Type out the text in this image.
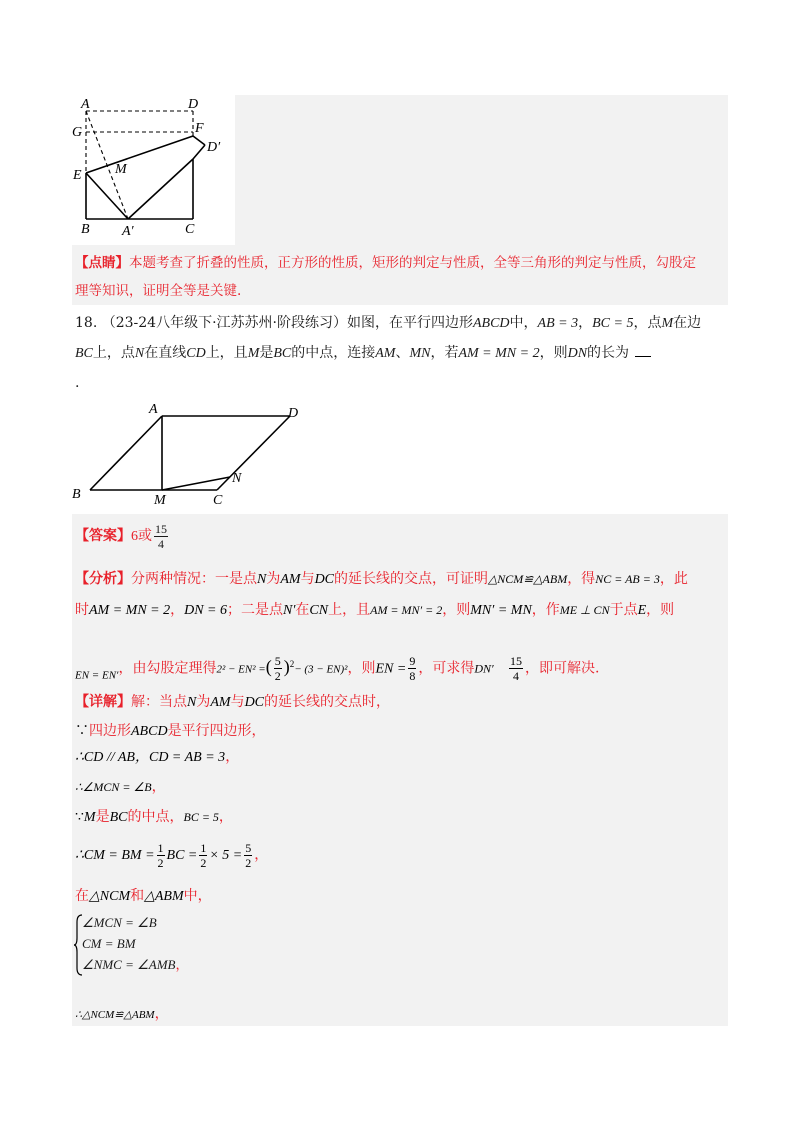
A	D
G	F
D′
E M
B A′	C
【点睛】本题考查了折叠的性质，正方形的性质，矩形的判定与性质，全等三角形的判定与性质，勾股定
理等知识，证明全等是关键.
18. （23-24八年级下·江苏苏州·阶段练习）如图，在平行四边形ABCD中，AB = 3，BC = 5，点M在边
BC上，点N在直线CD上，且M是BC的中点，连接AM、MN，若AM = MN = 2，则DN的长为
.
A	D
B	M	C
N
【答案】6或 $\frac{15}{4}$
【分析】分两种情况：一是点N为AM与DC的延长线的交点，可证明△NCM≌△ABM，得NC = AB = 3，此
时AM = MN = 2，DN = 6；二是点N′在CN上，且AM = MN′ = 2，则MN′ = MN，作ME ⊥ CN于点E，则
$_{EN = EN'}$，由勾股定理得2² − EN² =( $\frac{5}{2} )^2- (3 - EN)^2$，则EN = $\frac{9}{8}$ ，可求得$DN' \frac{15}{4}$ ，即可解决.
【详解】解：当点N为AM与DC的延长线的交点时，
∵四边形ABCD是平行四边形，
∴CD // AB，CD = AB = 3，
∴∠MCN = ∠B，
∵M是BC的中点，BC = 5，
∴CM = BM = $\frac{1}{2}$ BC = $\frac{1}{2} \times 5 = \frac{5}{2}$ ，
在△NCM和△ABM中，
∠MCN = ∠B
CM = BM
∠NMC = ∠AMB，
∴△NCM≌△ABM，
